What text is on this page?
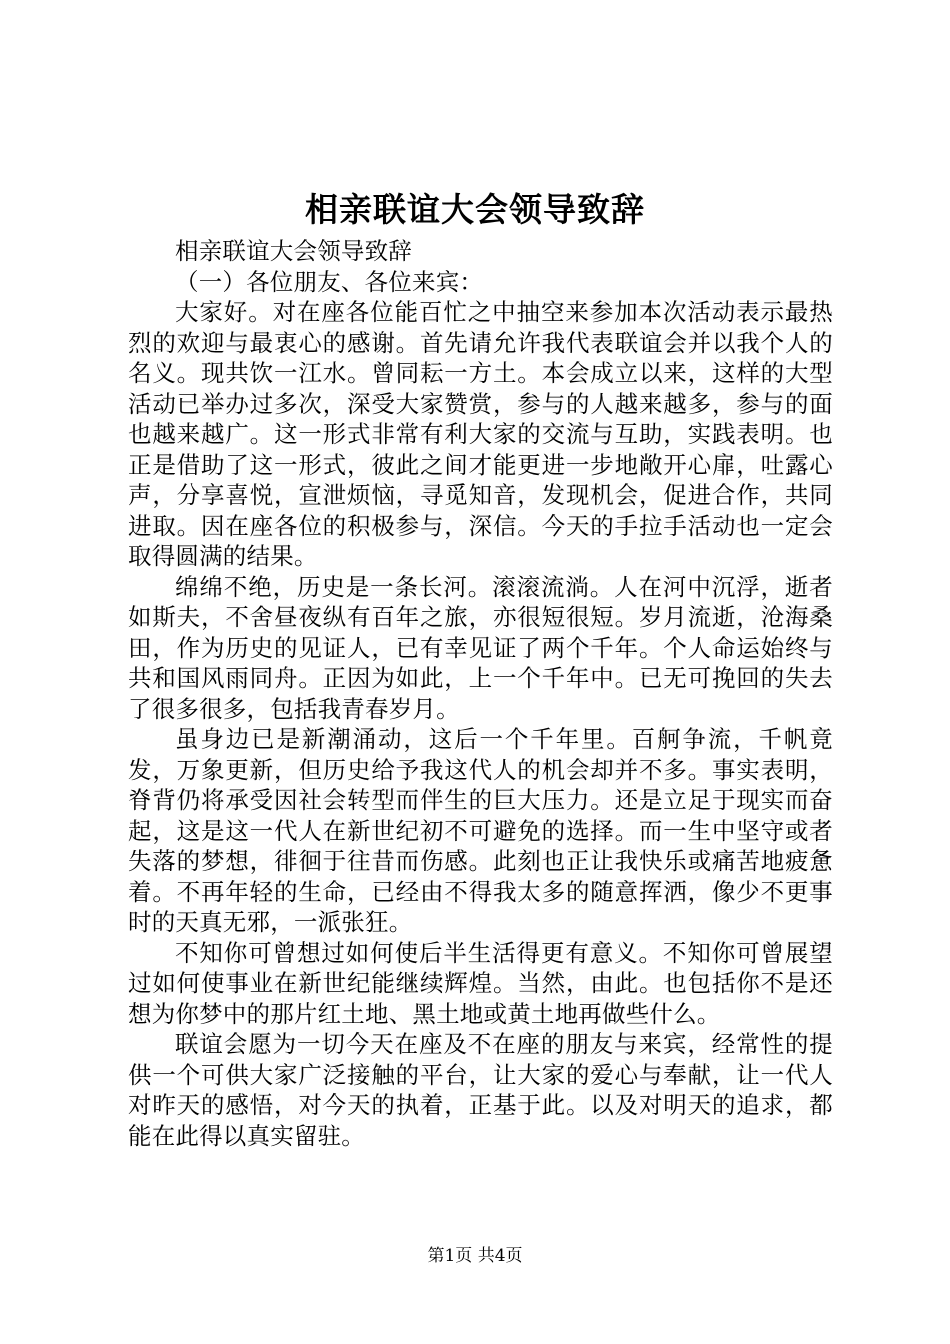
相亲联谊大会领导致辞

相亲联谊大会领导致辞

（一）各位朋友、各位来宾：

大家好。对在座各位能百忙之中抽空来参加本次活动表示最热烈的欢迎与最衷心的感谢。首先请允许我代表联谊会并以我个人的名义。现共饮一江水。曾同耘一方土。本会成立以来，这样的大型活动已举办过多次，深受大家赞赏，参与的人越来越多，参与的面也越来越广。这一形式非常有利大家的交流与互助，实践表明。也正是借助了这一形式，彼此之间才能更进一步地敞开心扉，吐露心声，分享喜悦，宣泄烦恼，寻觅知音，发现机会，促进合作，共同进取。因在座各位的积极参与，深信。今天的手拉手活动也一定会取得圆满的结果。

绵绵不绝，历史是一条长河。滚滚流淌。人在河中沉浮，逝者如斯夫，不舍昼夜纵有百年之旅，亦很短很短。岁月流逝，沧海桑田，作为历史的见证人，已有幸见证了两个千年。个人命运始终与共和国风雨同舟。正因为如此，上一个千年中。已无可挽回的失去了很多很多，包括我青春岁月。

虽身边已是新潮涌动，这后一个千年里。百舸争流，千帆竟发，万象更新，但历史给予我这代人的机会却并不多。事实表明，脊背仍将承受因社会转型而伴生的巨大压力。还是立足于现实而奋起，这是这一代人在新世纪初不可避免的选择。而一生中坚守或者失落的梦想，徘徊于往昔而伤感。此刻也正让我快乐或痛苦地疲惫着。不再年轻的生命，已经由不得我太多的随意挥洒，像少不更事时的天真无邪，一派张狂。

不知你可曾想过如何使后半生活得更有意义。不知你可曾展望过如何使事业在新世纪能继续辉煌。当然，由此。也包括你不是还想为你梦中的那片红土地、黑土地或黄土地再做些什么。

联谊会愿为一切今天在座及不在座的朋友与来宾，经常性的提供一个可供大家广泛接触的平台，让大家的爱心与奉献，让一代人对昨天的感悟，对今天的执着，正基于此。以及对明天的追求，都能在此得以真实留驻。

第1页 共4页
